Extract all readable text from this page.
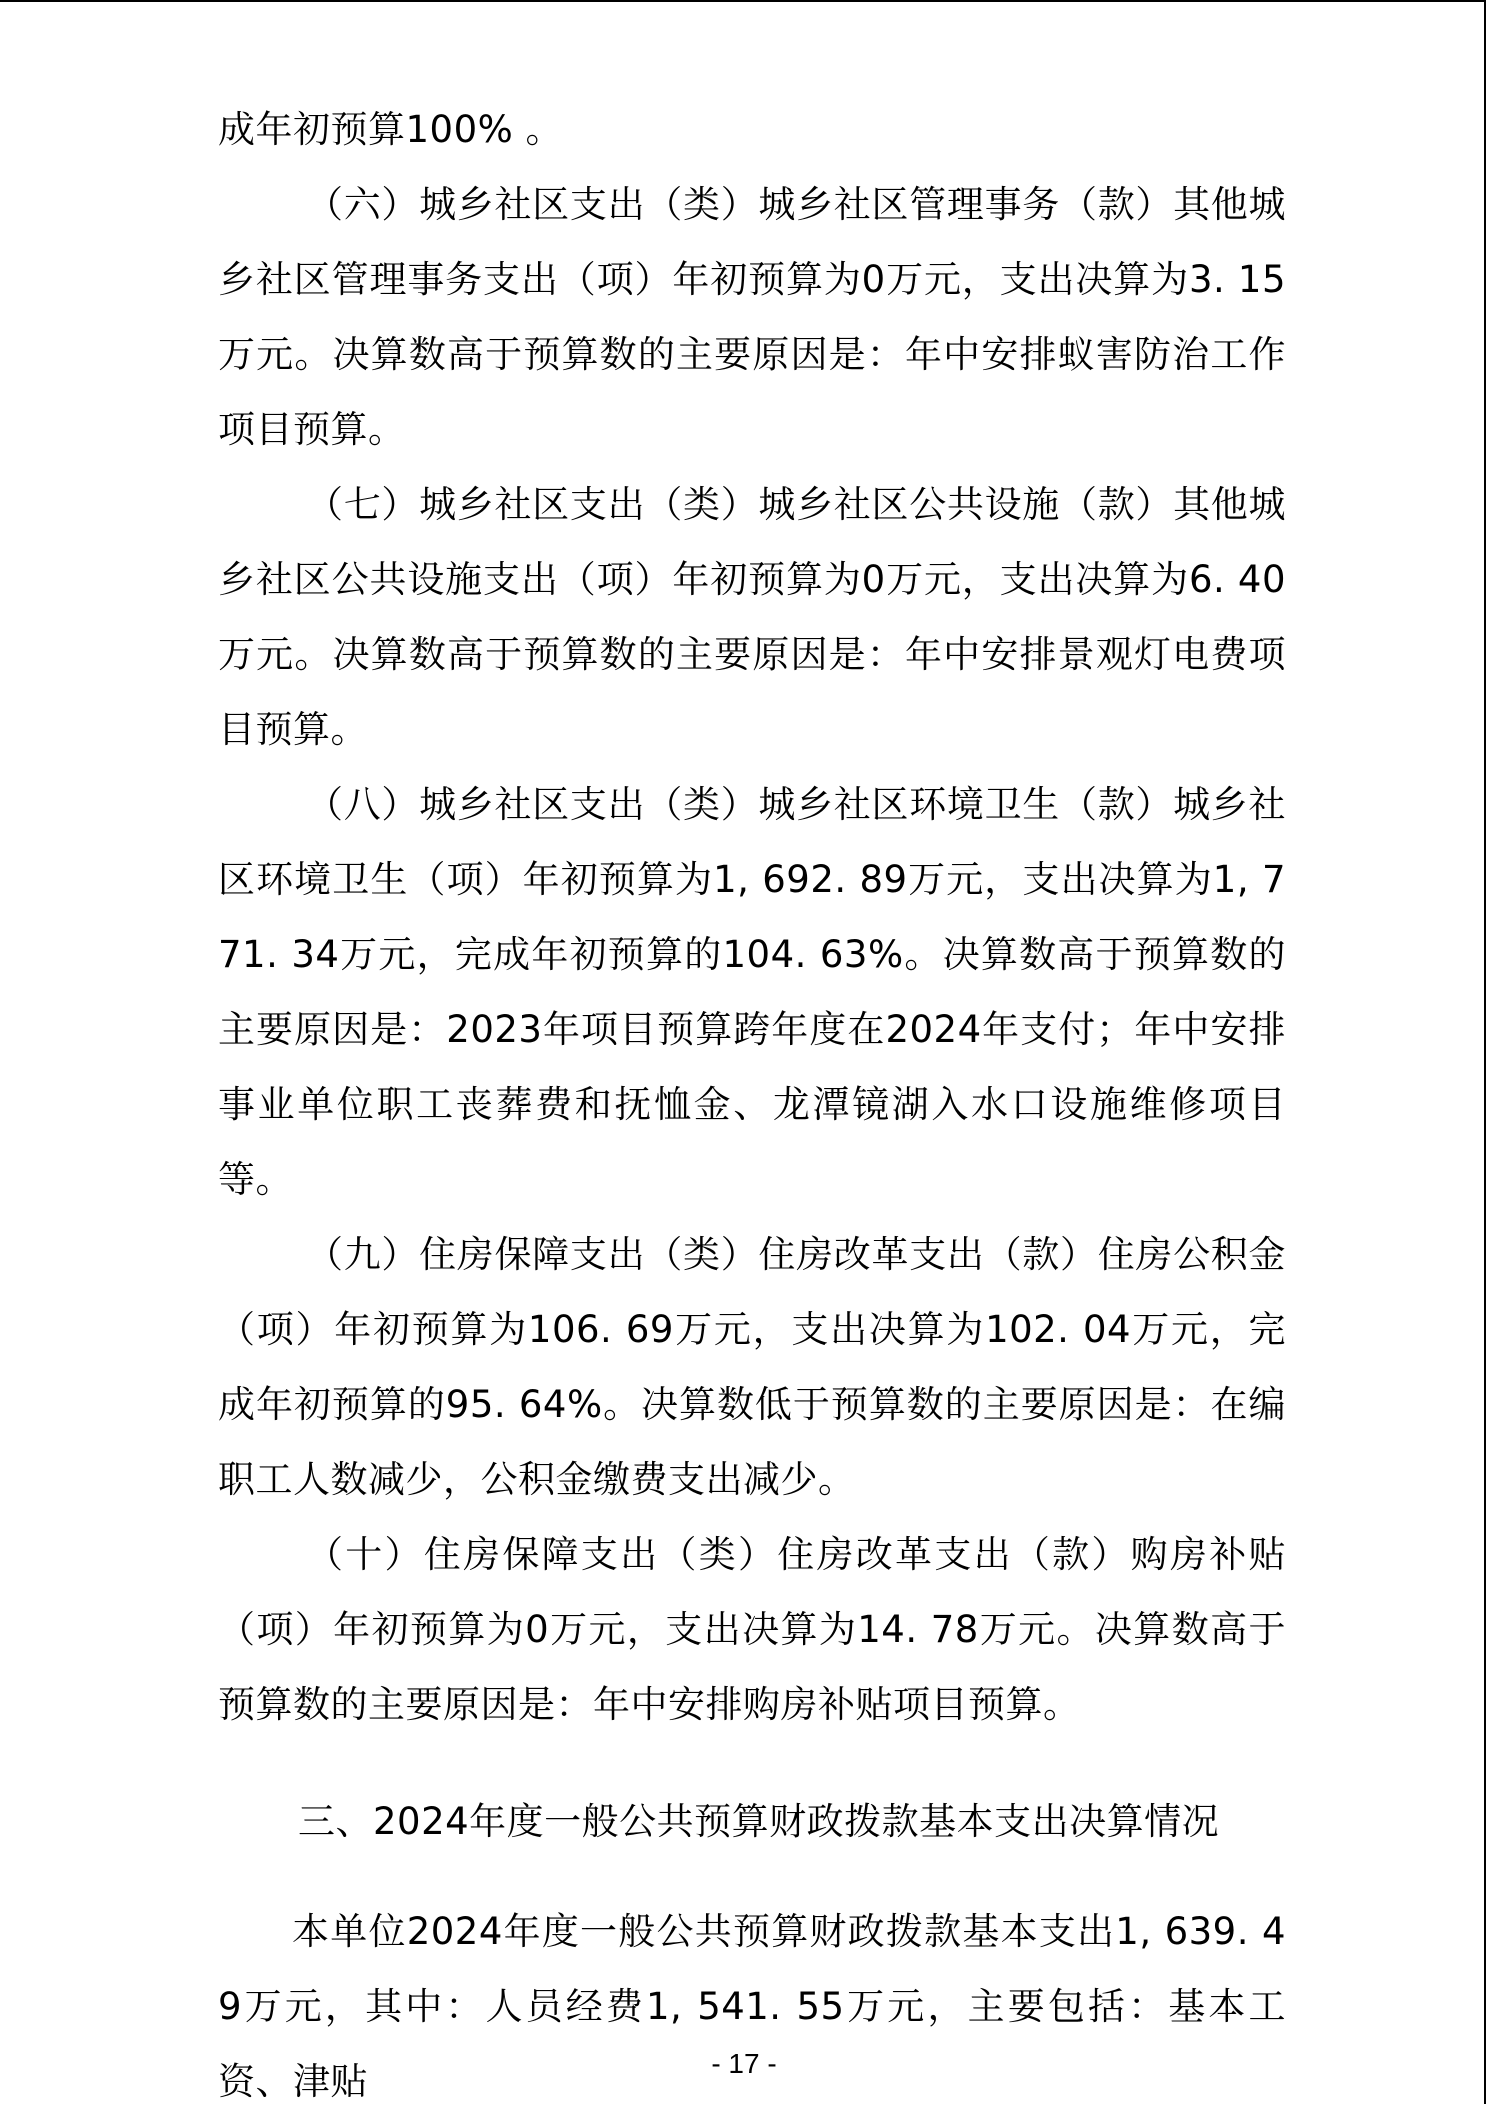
成年初预算100% 。

（六）城乡社区支出（类）城乡社区管理事务（款）其他城乡社区管理事务支出（项）年初预算为0万元，支出决算为3. 15万元。决算数高于预算数的主要原因是：年中安排蚁害防治工作项目预算。

（七）城乡社区支出（类）城乡社区公共设施（款）其他城乡社区公共设施支出（项）年初预算为0万元，支出决算为6. 40万元。决算数高于预算数的主要原因是：年中安排景观灯电费项目预算。

（八）城乡社区支出（类）城乡社区环境卫生（款）城乡社区环境卫生（项）年初预算为1, 692. 89万元，支出决算为1, 771. 34万元，完成年初预算的104. 63%。决算数高于预算数的主要原因是：2023年项目预算跨年度在2024年支付；年中安排事业单位职工丧葬费和抚恤金、龙潭镜湖入水口设施维修项目等。

（九）住房保障支出（类）住房改革支出（款）住房公积金（项）年初预算为106. 69万元，支出决算为102. 04万元，完成年初预算的95. 64%。决算数低于预算数的主要原因是：在编职工人数减少，公积金缴费支出减少。

（十）住房保障支出（类）住房改革支出（款）购房补贴（项）年初预算为0万元，支出决算为14. 78万元。决算数高于预算数的主要原因是：年中安排购房补贴项目预算。

三、2024年度一般公共预算财政拨款基本支出决算情况

本单位2024年度一般公共预算财政拨款基本支出1, 639. 49万元，其中：人员经费1, 541. 55万元，主要包括：基本工资、津贴	- 17 -
